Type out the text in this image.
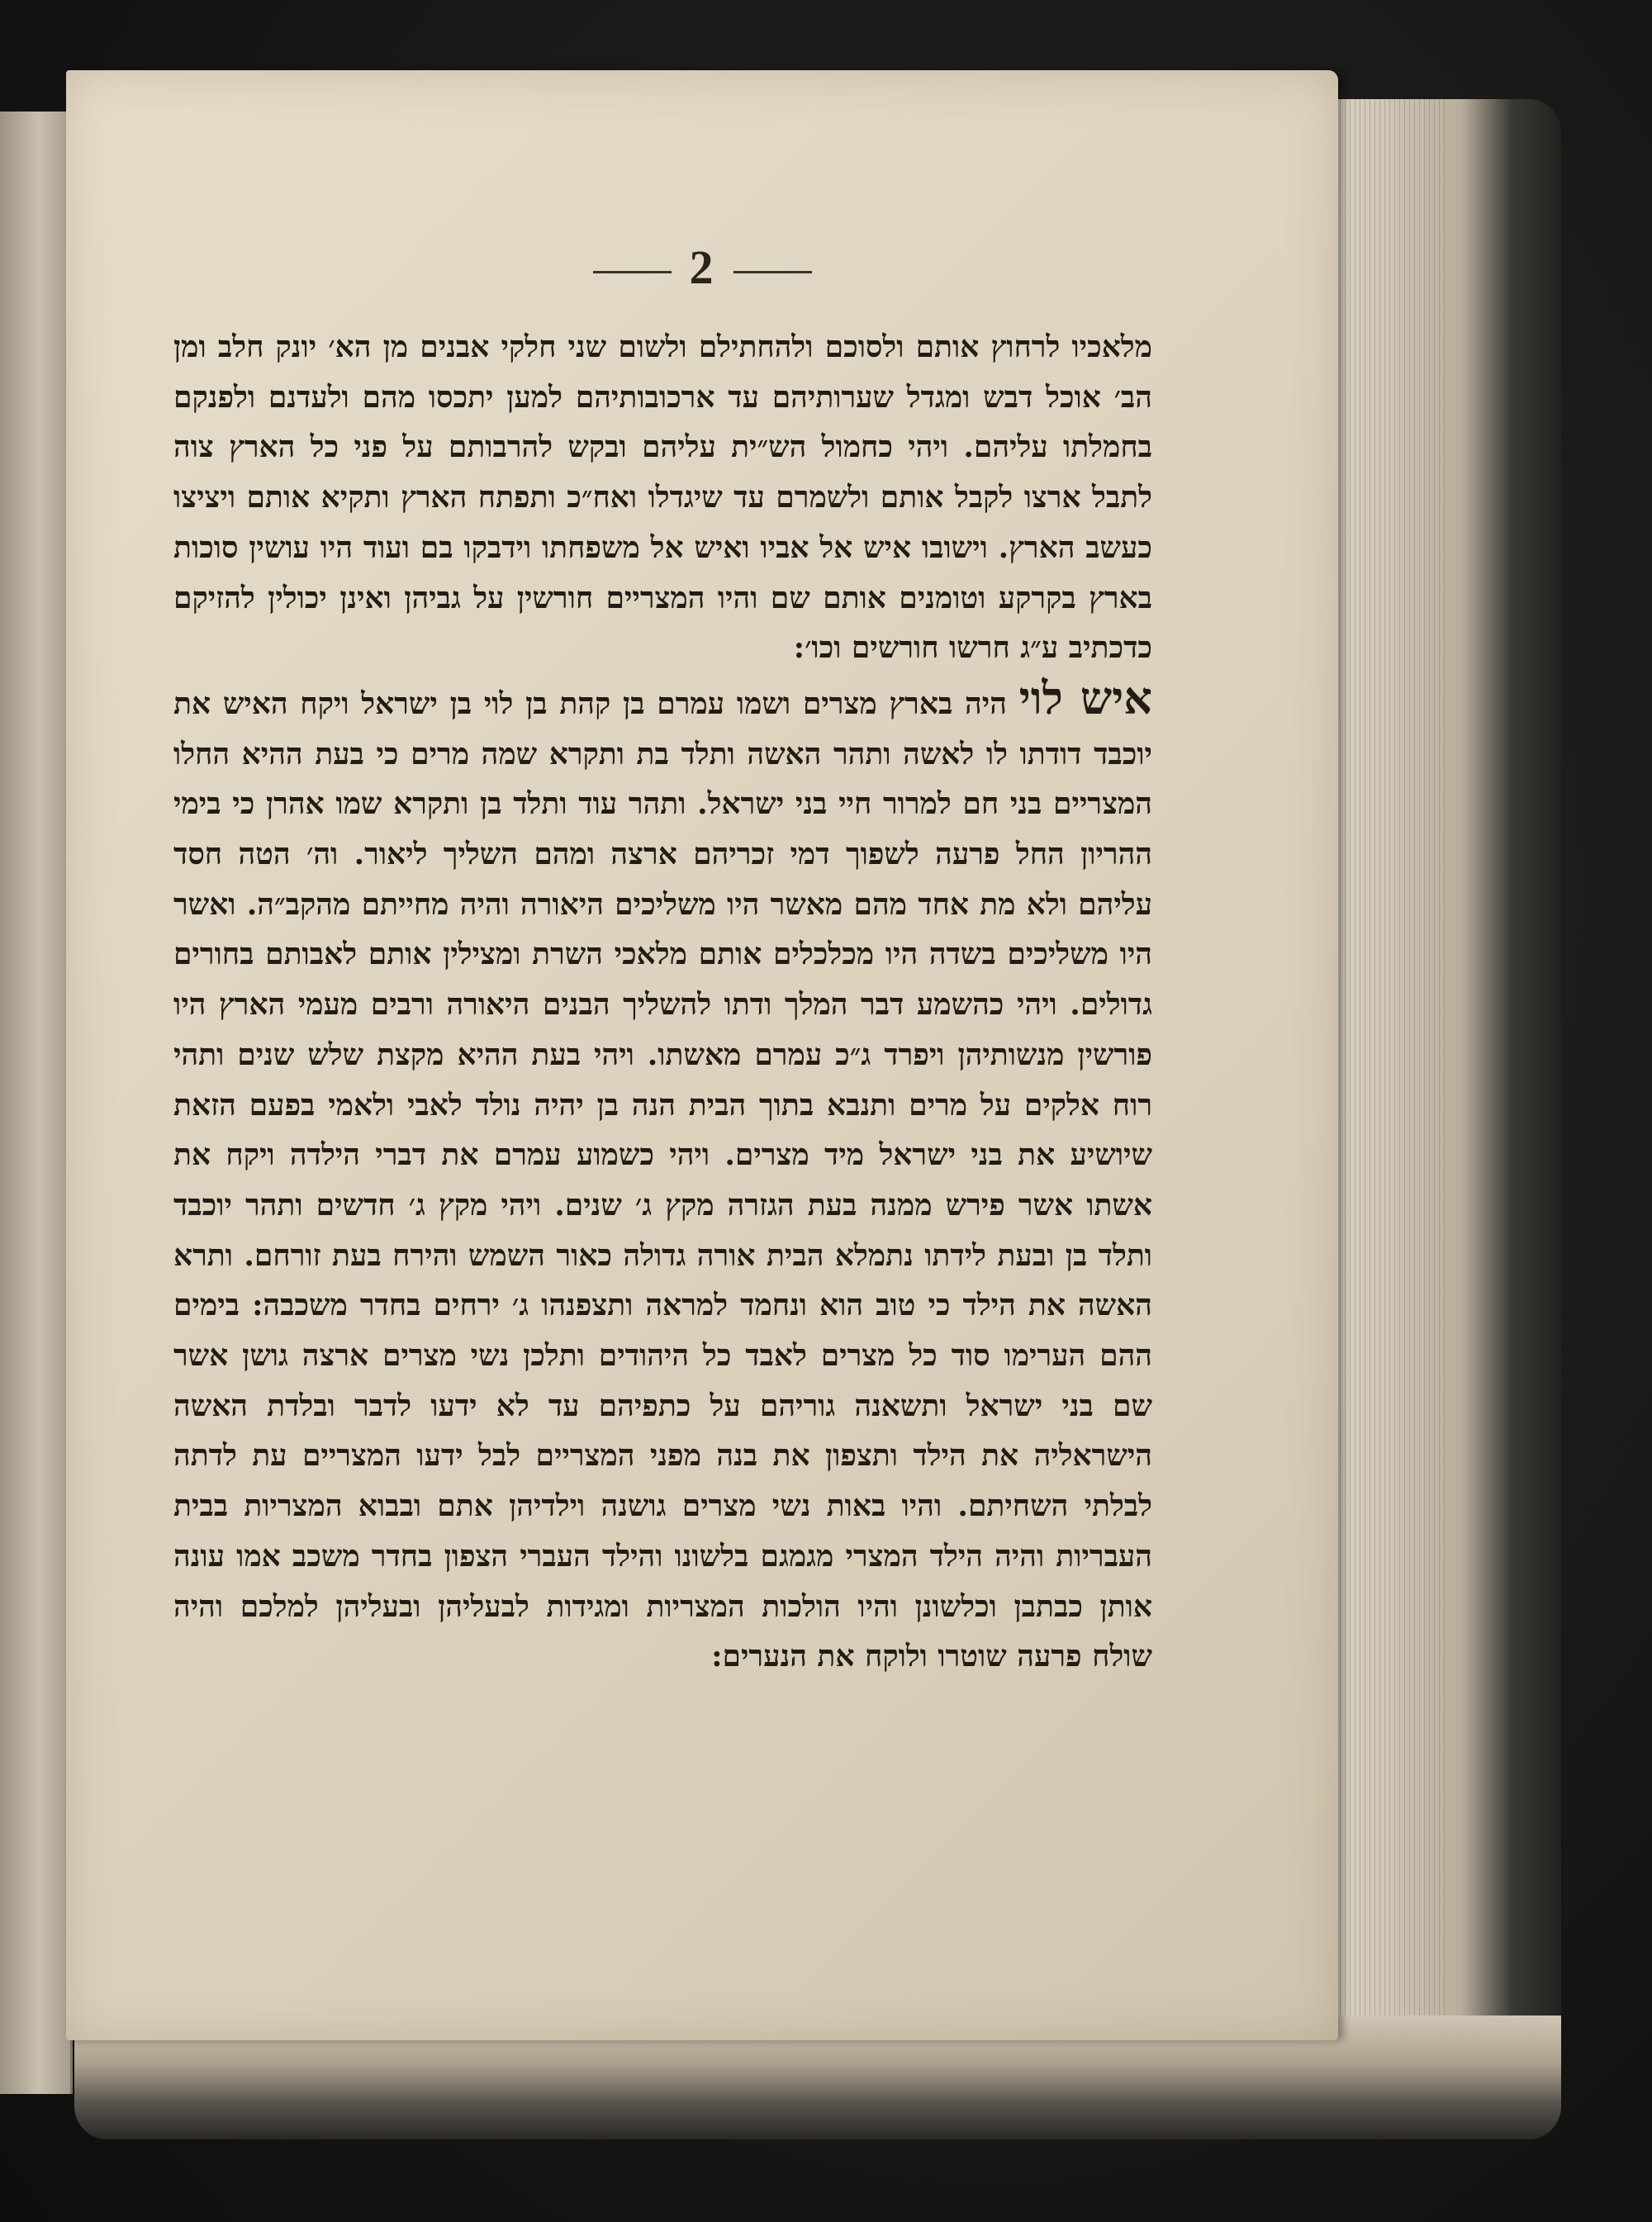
2

מלאכיו לרחוץ אותם ולסוכם ולהחתילם ולשום שני חלקי אבנים מן הא׳ יונק חלב ומן הב׳ אוכל דבש ומגדל שערותיהם עד ארכובותיהם למען יתכסו מהם ולעדנם ולפנקם בחמלתו עליהם. ויהי כחמול הש״ית עליהם ובקש להרבותם על פני כל הארץ צוה לתבל ארצו לקבל אותם ולשמרם עד שיגדלו ואח״כ ותפתח הארץ ותקיא אותם ויציצו כעשב הארץ. וישובו איש אל אביו ואיש אל משפחתו וידבקו בם ועוד היו עושין סוכות בארץ בקרקע וטומנים אותם שם והיו המצריים חורשין על גביהן ואינן יכולין להזיקם כדכתיב ע״ג חרשו חורשים וכו׳:

איש לוי היה בארץ מצרים ושמו עמרם בן קהת בן לוי בן ישראל ויקח האיש את יוכבד דודתו לו לאשה ותהר האשה ותלד בת ותקרא שמה מרים כי בעת ההיא החלו המצריים בני חם למרור חיי בני ישראל. ותהר עוד ותלד בן ותקרא שמו אהרן כי בימי ההריון החל פרעה לשפוך דמי זכריהם ארצה ומהם השליך ליאור. וה׳ הטה חסד עליהם ולא מת אחד מהם מאשר היו משליכים היאורה והיה מחייתם מהקב״ה. ואשר היו משליכים בשדה היו מכלכלים אותם מלאכי השרת ומצילין אותם לאבותם בחורים גדולים. ויהי כהשמע דבר המלך ודתו להשליך הבנים היאורה ורבים מעמי הארץ היו פורשין מנשותיהן ויפרד ג״כ עמרם מאשתו. ויהי בעת ההיא מקצת שלש שנים ותהי רוח אלקים על מרים ותנבא בתוך הבית הנה בן יהיה נולד לאבי ולאמי בפעם הזאת שיושיע את בני ישראל מיד מצרים. ויהי כשמוע עמרם את דברי הילדה ויקח את אשתו אשר פירש ממנה בעת הגזרה מקץ ג׳ שנים. ויהי מקץ ג׳ חדשים ותהר יוכבד ותלד בן ובעת לידתו נתמלא הבית אורה גדולה כאור השמש והירח בעת זורחם. ותרא האשה את הילד כי טוב הוא ונחמד למראה ותצפנהו ג׳ ירחים בחדר משכבה: בימים ההם הערימו סוד כל מצרים לאבד כל היהודים ותלכן נשי מצרים ארצה גושן אשר שם בני ישראל ותשאנה גוריהם על כתפיהם עד לא ידעו לדבר ובלדת האשה הישראליה את הילד ותצפון את בנה מפני המצריים לבל ידעו המצריים עת לדתה לבלתי השחיתם. והיו באות נשי מצרים גושנה וילדיהן אתם ובבוא המצריות בבית העבריות והיה הילד המצרי מגמגם בלשונו והילד העברי הצפון בחדר משכב אמו עונה אותן כבתבן וכלשונן והיו הולכות המצריות ומגידות לבעליהן ובעליהן למלכם והיה שולח פרעה שוטרו ולוקח את הנערים:
